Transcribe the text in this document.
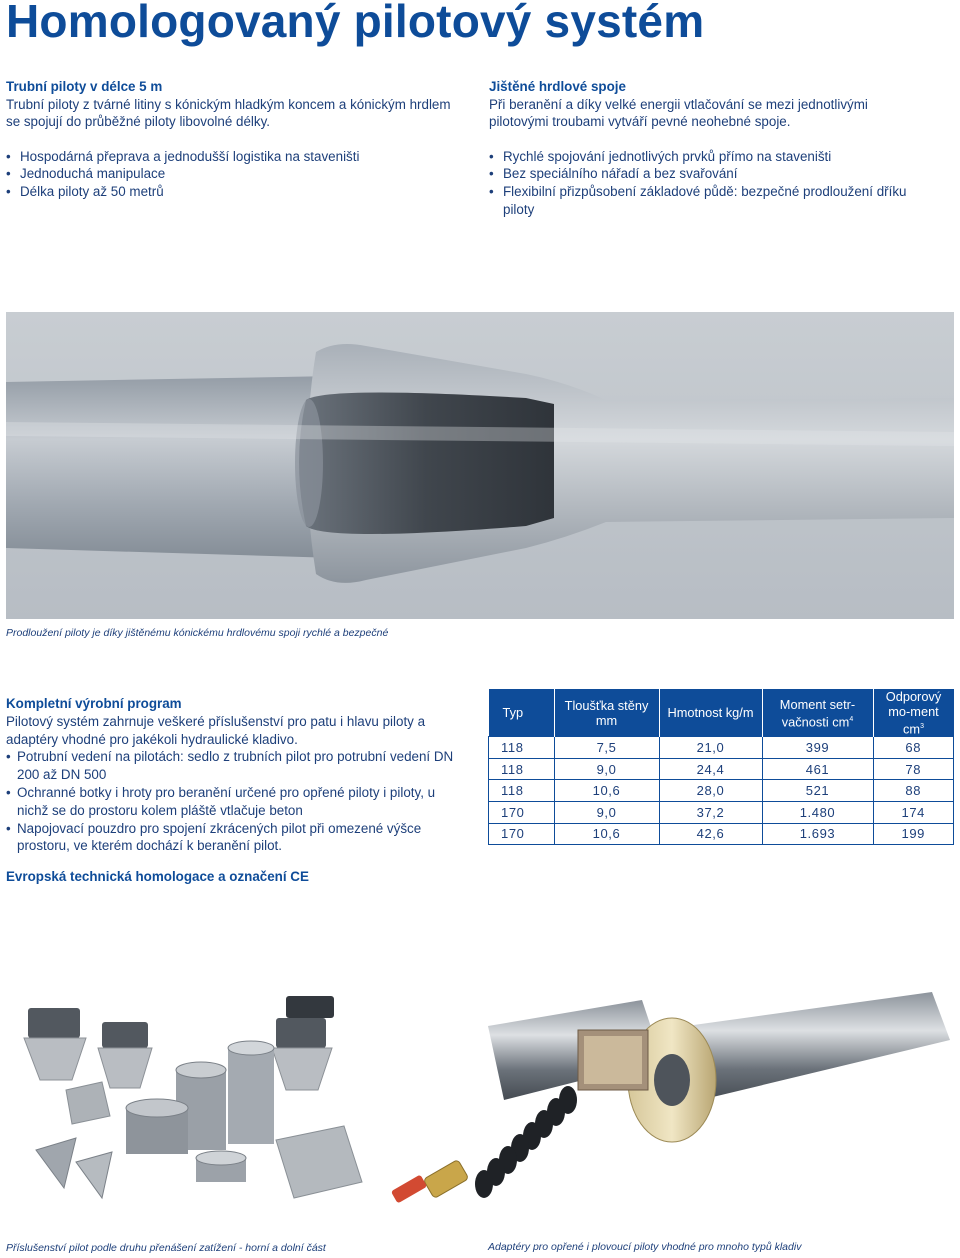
Homologovaný pilotový systém
Trubní piloty v délce 5 m

Trubní piloty z tvárné litiny s kónickým hladkým koncem a kónickým hrdlem se spojují do průběžné piloty libovolné délky.

• Hospodárná přeprava a jednodušší logistika na staveništi
• Jednoduchá manipulace
• Délka piloty až 50 metrů
Jištěné hrdlové spoje

Při beranění a díky velké energii vtlačování se mezi jednotlivými pilotovými troubami vytváří pevné neohebné spoje.

• Rychlé spojování jednotlivých prvků přímo na staveništi
• Bez speciálního nářadí a bez svařování
• Flexibilní přizpůsobení základové půdě: bezpečné prodloužení dříku piloty
Prodloužení piloty je díky jištěnému kónickému hrdlovému spoji rychlé a bezpečné
Kompletní výrobní program

Pilotový systém zahrnuje veškeré příslušenství pro patu i hlavu piloty a adaptéry vhodné pro jakékoli hydraulické kladivo.

• Potrubní vedení na pilotách: sedlo z trubních pilot pro potrubní vedení DN 200 až DN 500
• Ochranné botky i hroty pro beranění určené pro opřené piloty i piloty, u nichž se do prostoru kolem pláště vtlačuje beton
• Napojovací pouzdro pro spojení zkrácených pilot při omezené výšce prostoru, ve kterém dochází k beranění pilot.
Typ	Tloušťka stěny mm	Hmotnost kg/m	Moment setr-vačnosti $cm^4$	Odporový mo-ment $cm^3$
118	7,5	21,0	399	68
118	9,0	24,4	461	78
118	10,6	28,0	521	88
170	9,0	37,2	1.480	174
170	10,6	42,6	1.693	199
Evropská technická homologace a označení CE
Příslušenství pilot podle druhu přenášení zatížení - horní a dolní část	Adaptéry pro opřené i plovoucí piloty vhodné pro mnoho typů kladiv
